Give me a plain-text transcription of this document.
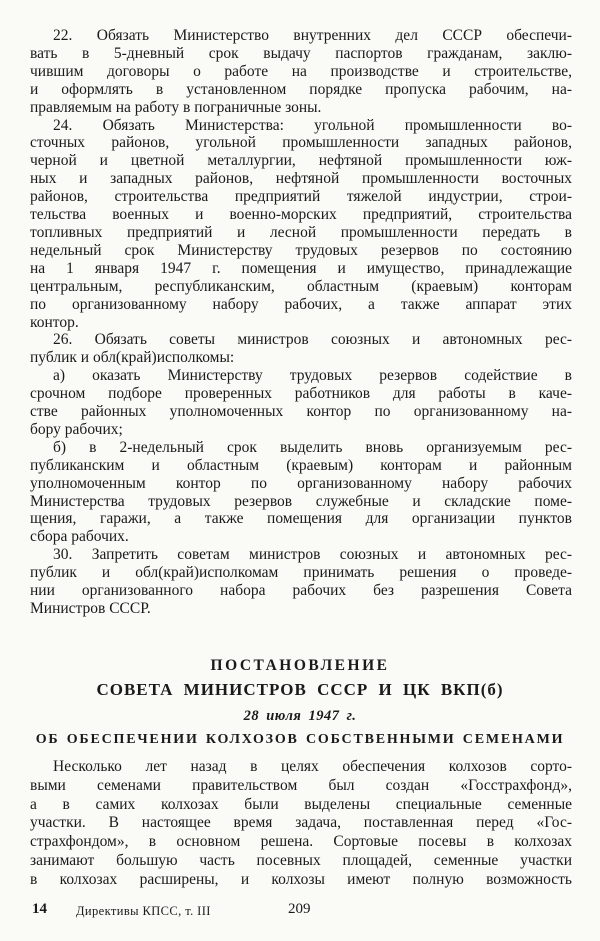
22. Обязать Министерство внутренних дел СССР обеспечи-
вать в 5-дневный срок выдачу паспортов гражданам, заклю-
чившим договоры о работе на производстве и строительстве,
и оформлять в установленном порядке пропуска рабочим, на-
правляемым на работу в пограничные зоны.
24. Обязать Министерства: угольной промышленности во-
сточных районов, угольной промышленности западных районов,
черной и цветной металлургии, нефтяной промышленности юж-
ных и западных районов, нефтяной промышленности восточных
районов, строительства предприятий тяжелой индустрии, строи-
тельства военных и военно-морских предприятий, строительства
топливных предприятий и лесной промышленности передать в
недельный срок Министерству трудовых резервов по состоянию
на 1 января 1947 г. помещения и имущество, принадлежащие
центральным, республиканским, областным (краевым) конторам
по организованному набору рабочих, а также аппарат этих
контор.
26. Обязать советы министров союзных и автономных рес-
публик и обл(край)исполкомы:
а) оказать Министерству трудовых резервов содействие в
срочном подборе проверенных работников для работы в каче-
стве районных уполномоченных контор по организованному на-
бору рабочих;
б) в 2-недельный срок выделить вновь организуемым рес-
публиканским и областным (краевым) конторам и районным
уполномоченным контор по организованному набору рабочих
Министерства трудовых резервов служебные и складские поме-
щения, гаражи, а также помещения для организации пунктов
сбора рабочих.
30. Запретить советам министров союзных и автономных рес-
публик и обл(край)исполкомам принимать решения о проведе-
нии организованного набора рабочих без разрешения Совета
Министров СССР.
ПОСТАНОВЛЕНИЕ
СОВЕТА МИНИСТРОВ СССР И ЦК ВКП(б)
28 июля 1947 г.
ОБ ОБЕСПЕЧЕНИИ КОЛХОЗОВ СОБСТВЕННЫМИ СЕМЕНАМИ
Несколько лет назад в целях обеспечения колхозов сорто-
выми семенами правительством был создан «Госстрахфонд»,
а в самих колхозах были выделены специальные семенные
участки. В настоящее время задача, поставленная перед «Гос-
страхфондом», в основном решена. Сортовые посевы в колхозах
занимают большую часть посевных площадей, семенные участки
в колхозах расширены, и колхозы имеют полную возможность
14 Директивы КПСС, т. III	209
